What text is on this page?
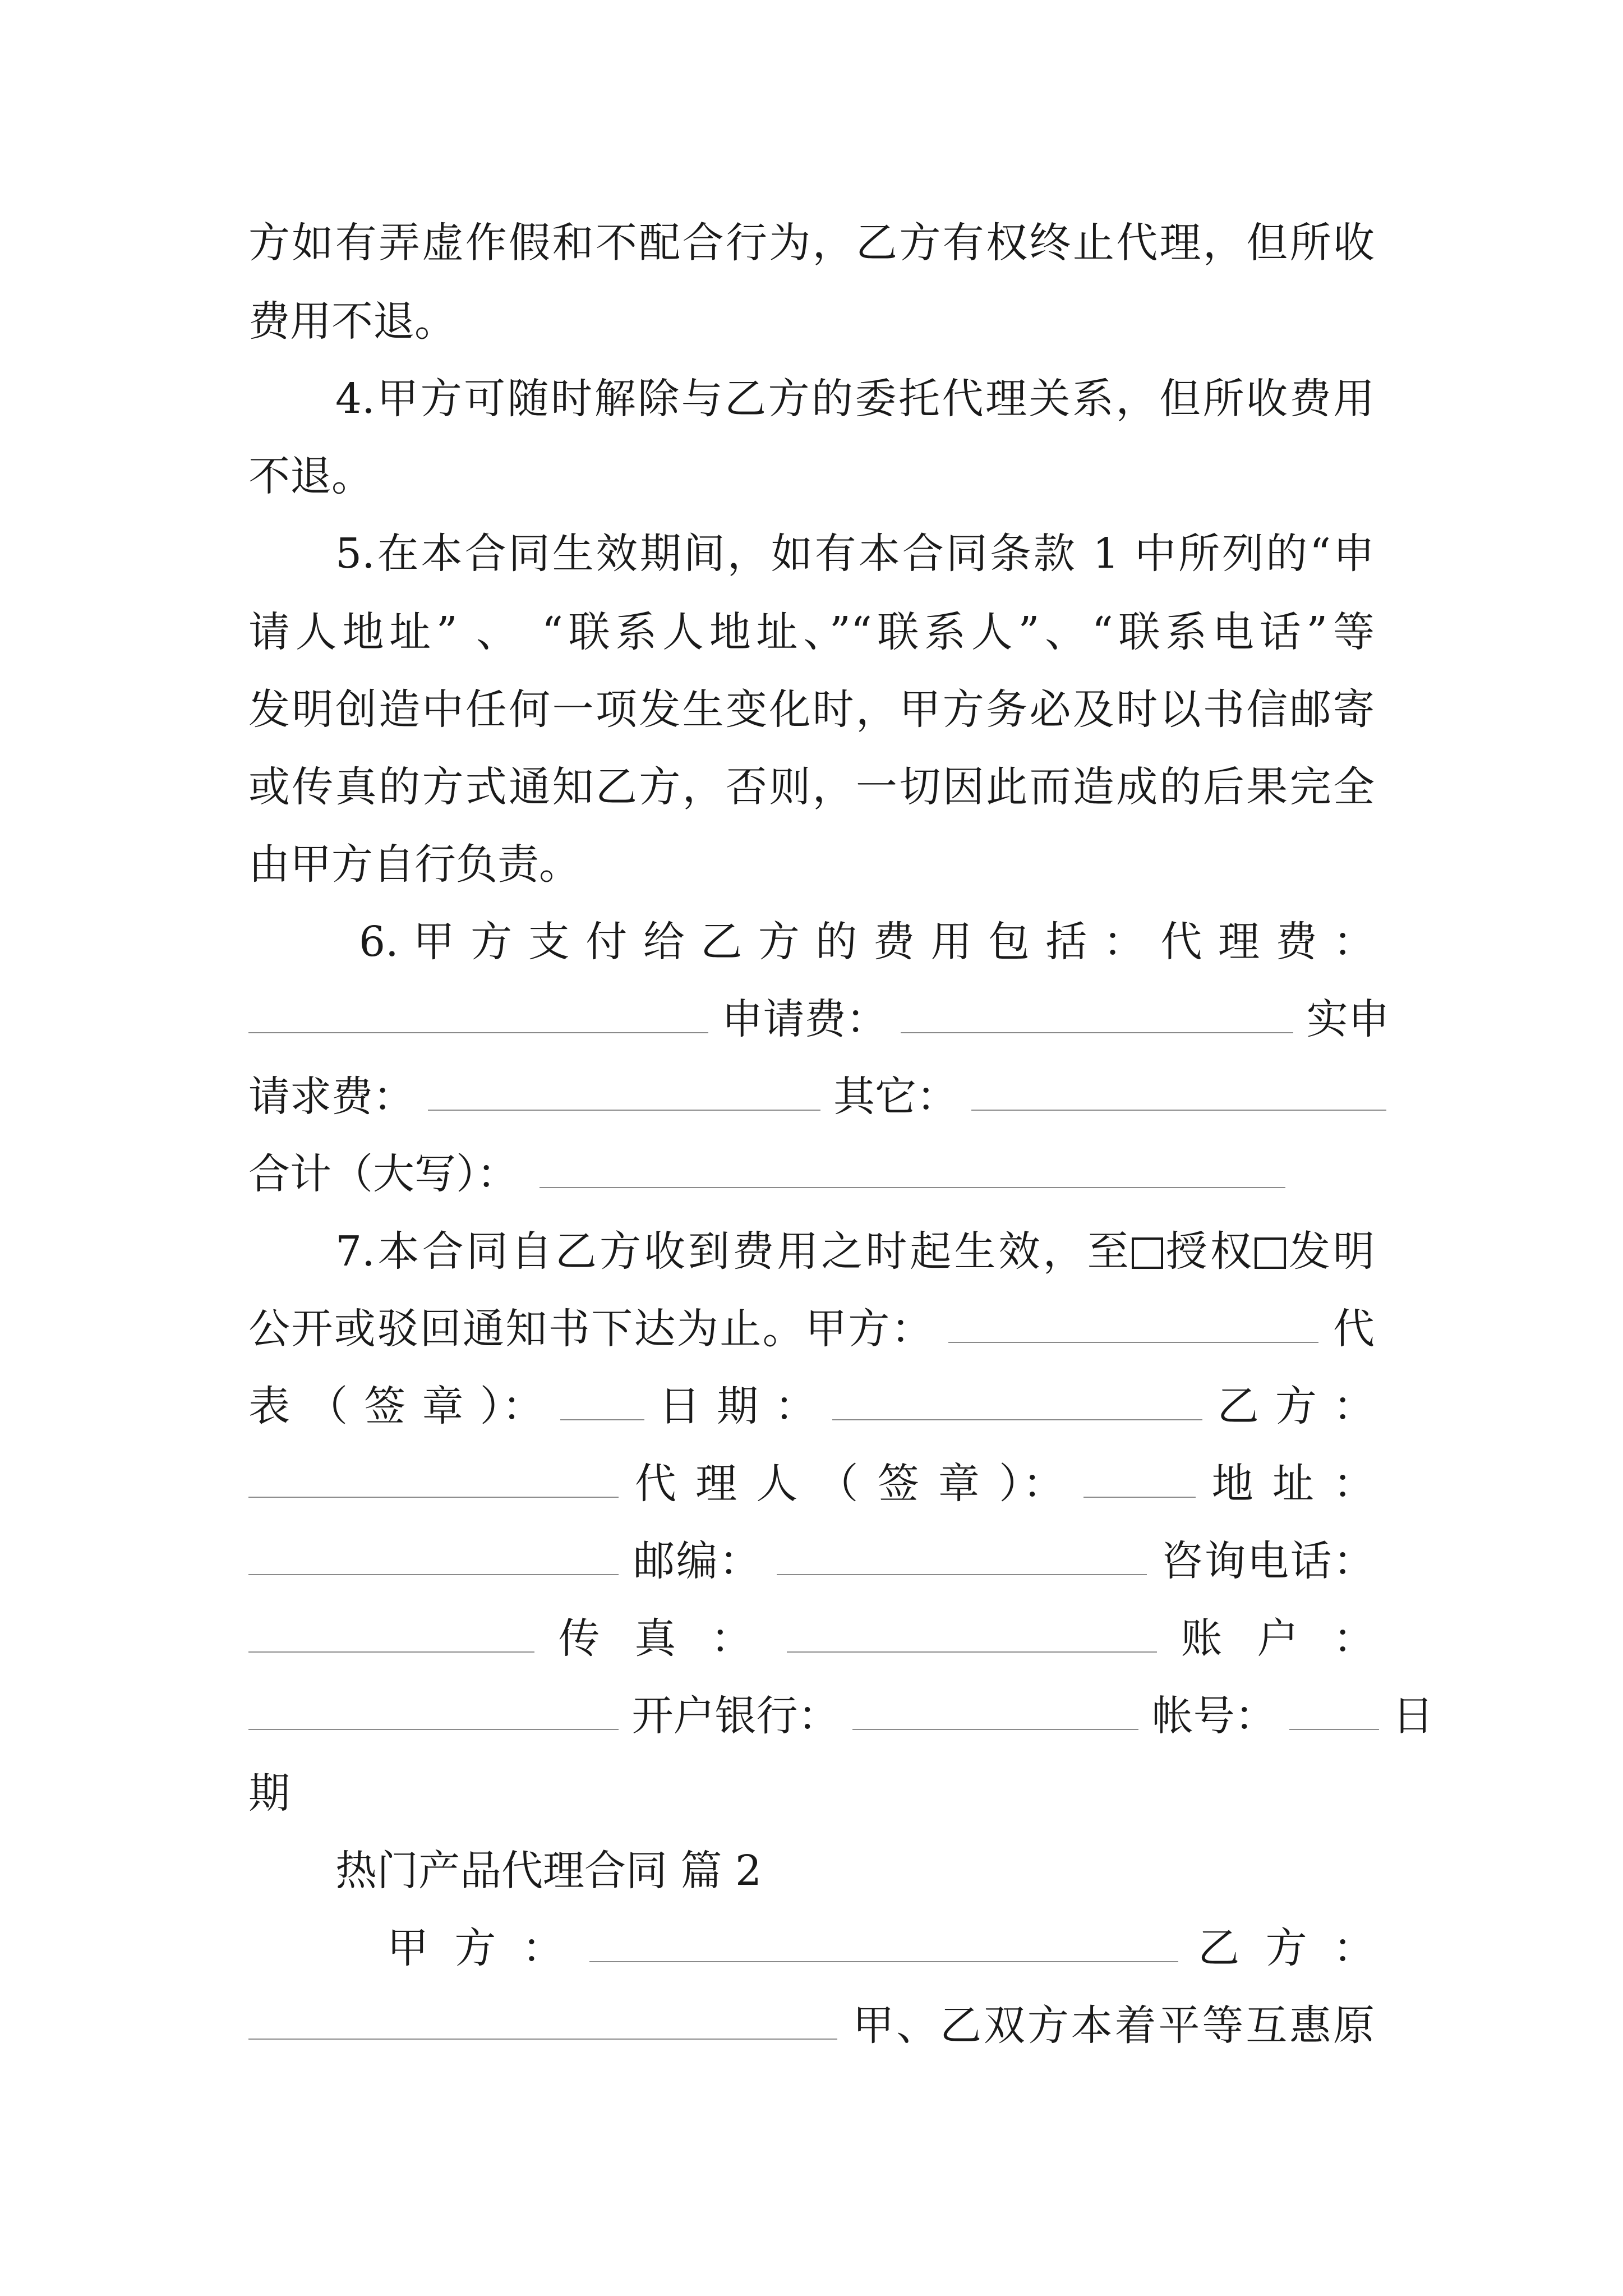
方如有弄虚作假和不配合行为，乙方有权终止代理，但所收
费用不退。
4.甲方可随时解除与乙方的委托代理关系，但所收费用
不退。
5.在本合同生效期间，如有本合同条款 1 中所列的“申
请人地址” 、 “联系人地址、”“联系人”、“联系电话”等
发明创造中任何一项发生变化时，甲方务必及时以书信邮寄
或传真的方式通知乙方，否则，一切因此而造成的后果完全
由甲方自行负责。
6. 甲 方 支 付 给 乙 方 的 费 用 包 括 ： 代 理 费 ：
申请费：	实申
请求费：	其它：
合计（大写）：
7.本合同自乙方收到费用之时起生效，至 授权 发明
公开或驳回通知书下达为止。甲方：	代
表 （ 签 章 ）：	日 期 ：	乙 方 ：
代 理 人 （ 签 章 ）：	地 址 ：
邮编：	咨询电话：
传 真 ：	账 户 ：
开户银行：	帐号：	日
期
热门产品代理合同 篇 2
甲 方 ：	乙 方 ：
甲、乙双方本着平等互惠原
